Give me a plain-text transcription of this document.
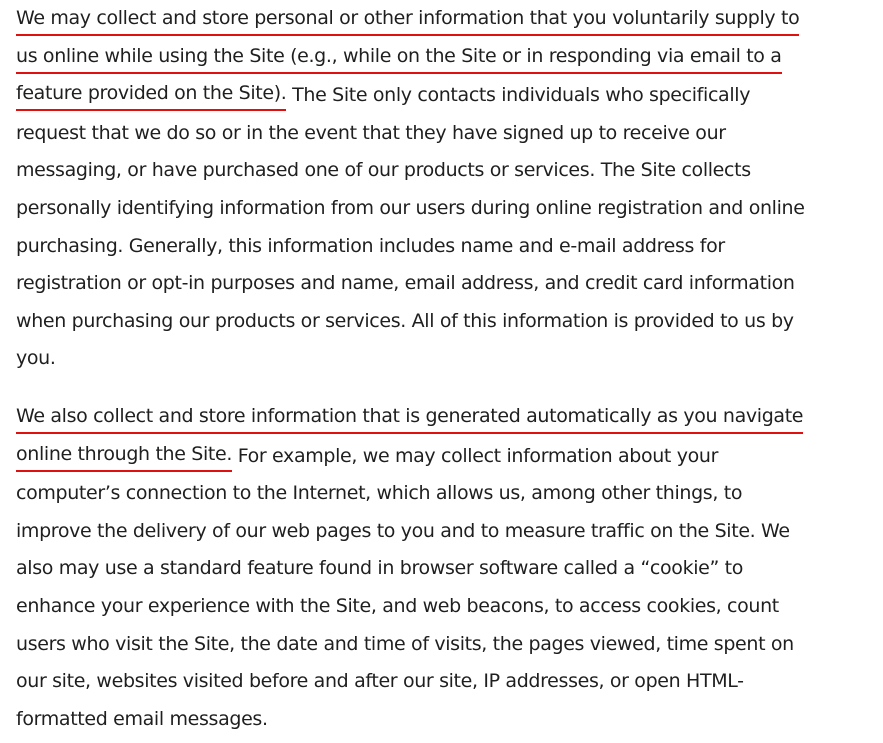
We may collect and store personal or other information that you voluntarily supply to
us online while using the Site (e.g., while on the Site or in responding via email to a
feature provided on the Site). The Site only contacts individuals who specifically
request that we do so or in the event that they have signed up to receive our
messaging, or have purchased one of our products or services. The Site collects
personally identifying information from our users during online registration and online
purchasing. Generally, this information includes name and e-mail address for
registration or opt-in purposes and name, email address, and credit card information
when purchasing our products or services. All of this information is provided to us by
you.

We also collect and store information that is generated automatically as you navigate
online through the Site. For example, we may collect information about your
computer’s connection to the Internet, which allows us, among other things, to
improve the delivery of our web pages to you and to measure traffic on the Site. We
also may use a standard feature found in browser software called a “cookie” to
enhance your experience with the Site, and web beacons, to access cookies, count
users who visit the Site, the date and time of visits, the pages viewed, time spent on
our site, websites visited before and after our site, IP addresses, or open HTML-
formatted email messages.
